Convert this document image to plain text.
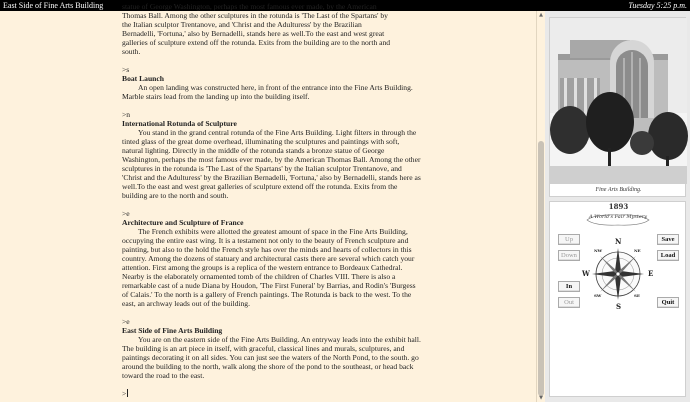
East Side of Fine Arts Building	Tuesday 5:25 p.m.
statue of George Washington, perhaps the most famous ever made, by the American
Thomas Ball. Among the other sculptures in the rotunda is 'The Last of the Spartans' by
the Italian sculptor Trentanove, and 'Christ and the Adulturess' by the Brazilian
Bernadelli, 'Fortuna,' also by Bernadelli, stands here as well.To the east and west great
galleries of sculpture extend off the rotunda. Exits from the building are to the north and
south.
>s
Boat Launch
An open landing was constructed here, in front of the entrance into the Fine Arts Building. Marble stairs lead from the landing up into the building itself.
>n
International Rotunda of Sculpture
You stand in the grand central rotunda of the Fine Arts Building. Light filters in through the tinted glass of the great dome overhead, illuminating the sculptures and paintings with soft, natural lighting. Directly in the middle of the rotunda stands a bronze statue of George Washington, perhaps the most famous ever made, by the American Thomas Ball. Among the other sculptures in the rotunda is 'The Last of the Spartans' by the Italian sculptor Trentanove, and 'Christ and the Adulturess' by the Brazilian Bernadelli, 'Fortuna,' also by Bernadelli, stands here as well.To the east and west great galleries of sculpture extend off the rotunda. Exits from the building are to the north and south.
>e
Architecture and Sculpture of France
The French exhibits were allotted the greatest amount of space in the Fine Arts Building, occupying the entire east wing. It is a testament not only to the beauty of French sculpture and painting, but also to the hold the French style has over the minds and hearts of collectors in this country. Among the dozens of statuary and architectural casts there are several which catch your attention. First among the groups is a replica of the western entrance to Bordeaux Cathedral. Nearby is the elaborately ornamented tomb of the children of Charles VIII. There is also a remarkable cast of a nude Diana by Houdon, 'The First Funeral' by Barrias, and Rodin's 'Burgess of Calais.' To the north is a gallery of French paintings. The Rotunda is back to the west. To the east, an archway leads out of the building.
>e
East Side of Fine Arts Building
You are on the eastern side of the Fine Arts Building. An entryway leads into the exhibit hall. The building is an art piece in itself, with graceful, classical lines and murals, sculptures, and paintings decorating it on all sides. You can just see the waters of the North Pond, to the south. go around the building to the north, walk along the shore of the pond to the southeast, or head back toward the road to the east.
>
▲
▼
Fine Arts Building.
1893
A World's Fair Mystery
Up
Down
In
Out
Save
Load
Quit
N
S
W	E
NW	NE
SW	SE
